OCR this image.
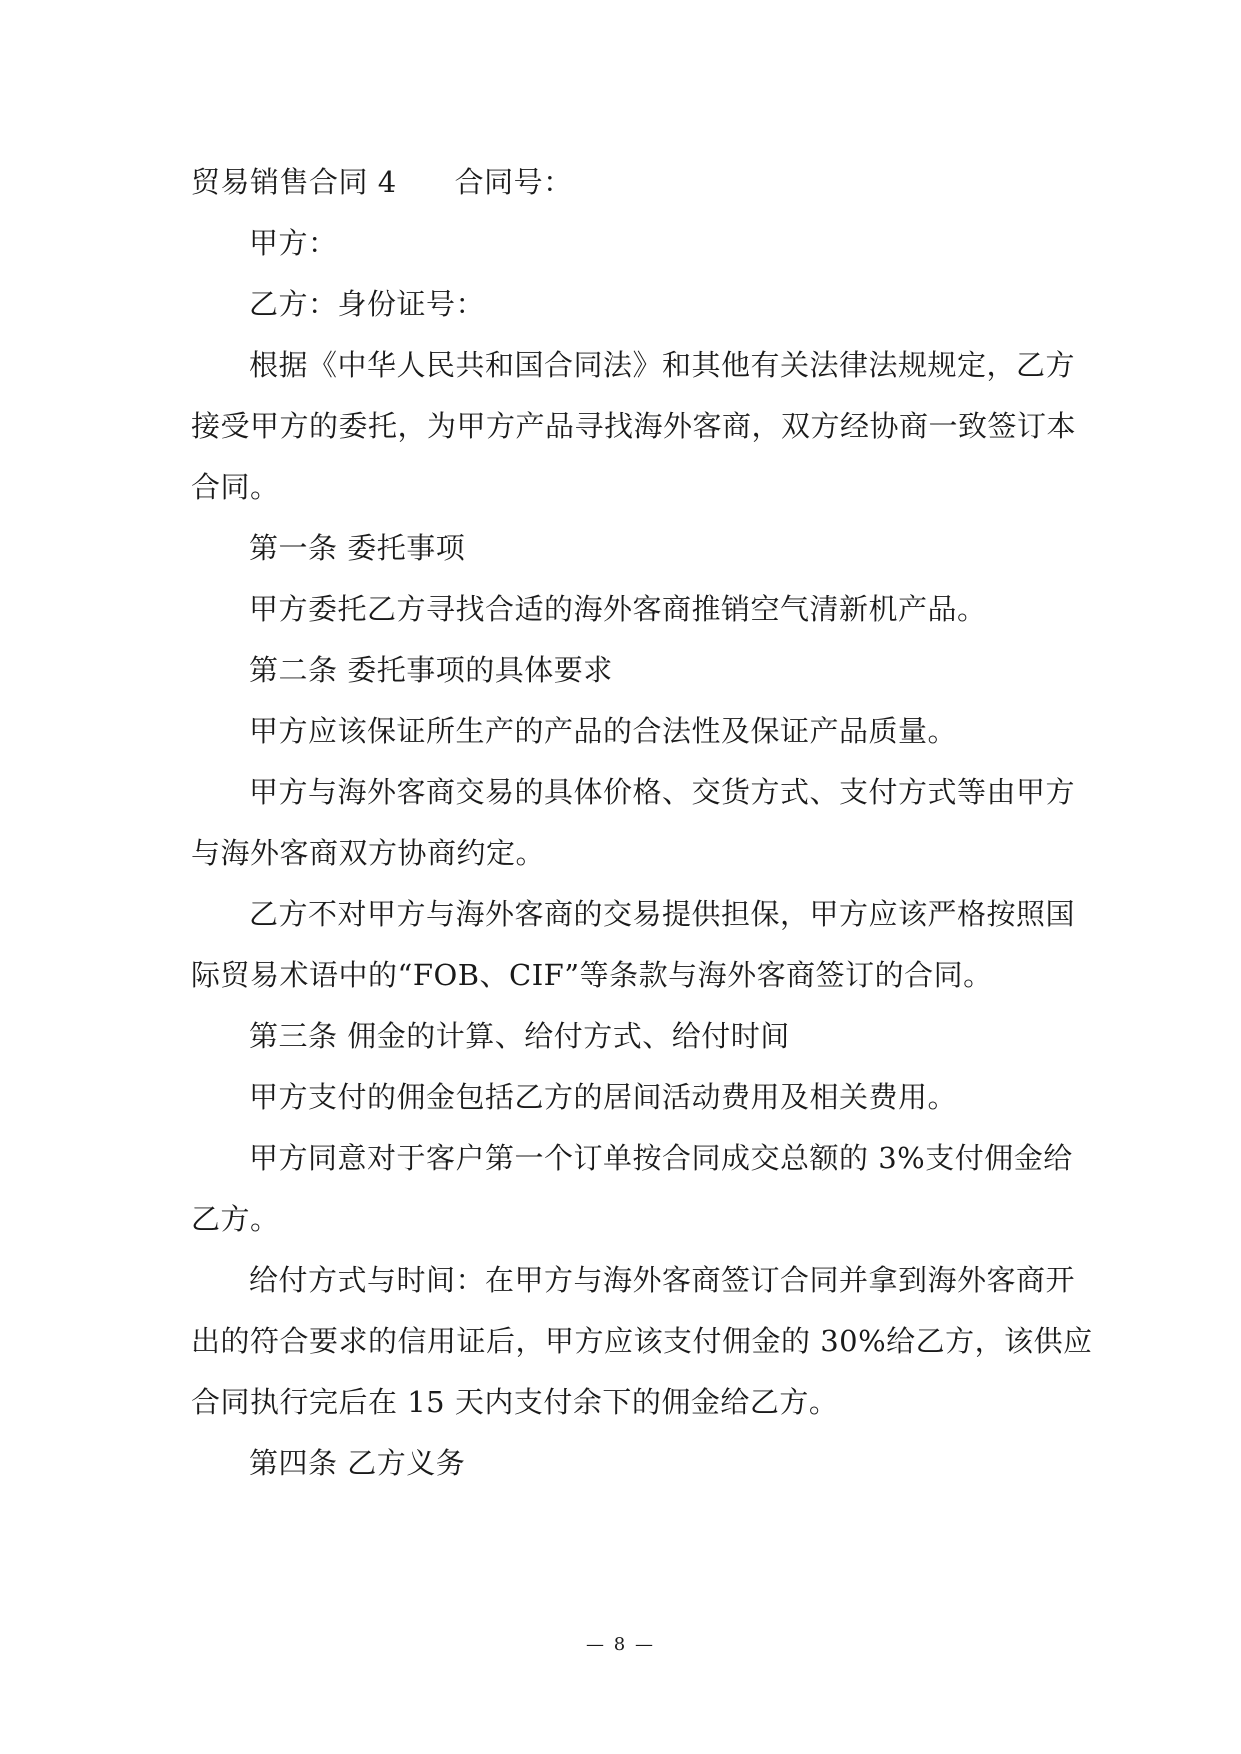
贸易销售合同 4 合同号：
甲方：
乙方：身份证号：
根据《中华人民共和国合同法》和其他有关法律法规规定，乙方
接受甲方的委托，为甲方产品寻找海外客商，双方经协商一致签订本
合同。
第一条 委托事项
甲方委托乙方寻找合适的海外客商推销空气清新机产品。
第二条 委托事项的具体要求
甲方应该保证所生产的产品的合法性及保证产品质量。
甲方与海外客商交易的具体价格、交货方式、支付方式等由甲方
与海外客商双方协商约定。
乙方不对甲方与海外客商的交易提供担保，甲方应该严格按照国
际贸易术语中的“FOB、CIF”等条款与海外客商签订的合同。
第三条 佣金的计算、给付方式、给付时间
甲方支付的佣金包括乙方的居间活动费用及相关费用。
甲方同意对于客户第一个订单按合同成交总额的 3%支付佣金给
乙方。
给付方式与时间：在甲方与海外客商签订合同并拿到海外客商开
出的符合要求的信用证后，甲方应该支付佣金的 30%给乙方，该供应
合同执行完后在 15 天内支付余下的佣金给乙方。
第四条 乙方义务
— 8 —
